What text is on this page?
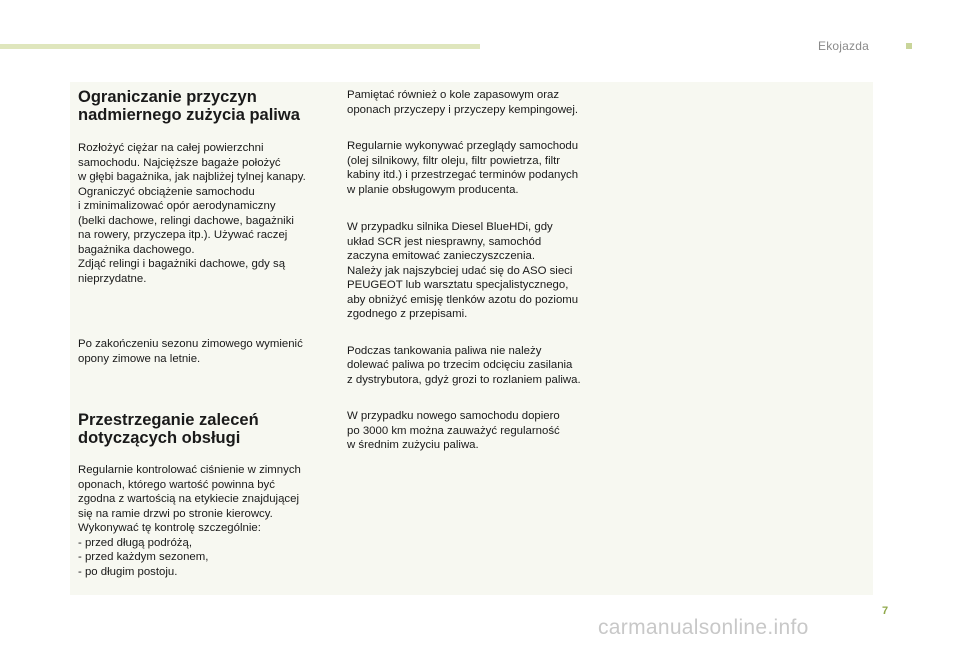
Ekojazda
Ograniczanie przyczyn
nadmiernego zużycia paliwa

Rozłożyć ciężar na całej powierzchni
samochodu. Najcięższe bagaże położyć
w głębi bagażnika, jak najbliżej tylnej kanapy.
Ograniczyć obciążenie samochodu
i zminimalizować opór aerodynamiczny
(belki dachowe, relingi dachowe, bagażniki
na rowery, przyczepa itp.). Używać raczej
bagażnika dachowego.
Zdjąć relingi i bagażniki dachowe, gdy są
nieprzydatne.

Po zakończeniu sezonu zimowego wymienić
opony zimowe na letnie.

Przestrzeganie zaleceń
dotyczących obsługi

Regularnie kontrolować ciśnienie w zimnych
oponach, którego wartość powinna być
zgodna z wartością na etykiecie znajdującej
się na ramie drzwi po stronie kierowcy.
Wykonywać tę kontrolę szczególnie:
- przed długą podróżą,
- przed każdym sezonem,
- po długim postoju.

Pamiętać również o kole zapasowym oraz
oponach przyczepy i przyczepy kempingowej.

Regularnie wykonywać przeglądy samochodu
(olej silnikowy, filtr oleju, filtr powietrza, filtr
kabiny itd.) i przestrzegać terminów podanych
w planie obsługowym producenta.

W przypadku silnika Diesel BlueHDi, gdy
układ SCR jest niesprawny, samochód
zaczyna emitować zanieczyszczenia.
Należy jak najszybciej udać się do ASO sieci
PEUGEOT lub warsztatu specjalistycznego,
aby obniżyć emisję tlenków azotu do poziomu
zgodnego z przepisami.

Podczas tankowania paliwa nie należy
dolewać paliwa po trzecim odcięciu zasilania
z dystrybutora, gdyż grozi to rozlaniem paliwa.

W przypadku nowego samochodu dopiero
po 3000 km można zauważyć regularność
w średnim zużyciu paliwa.

7
carmanualsonline.info
